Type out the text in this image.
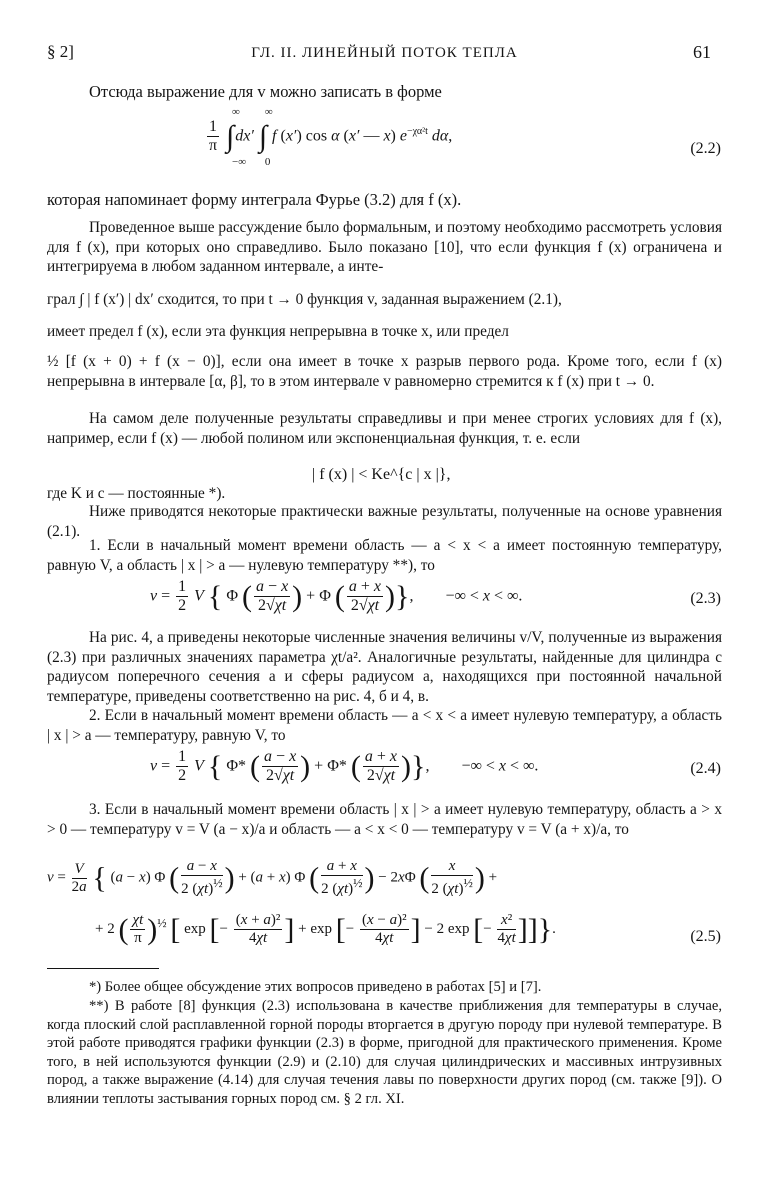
§ 2]	ГЛ. II. ЛИНЕЙНЫЙ ПОТОК ТЕПЛА	61
Отсюда выражение для v можно записать в форме
$\frac{1}{\pi}$ ∫
∞
−∞
dx′ ∫
∞
0
f (x′) cos α (x′ — x) $e^{-\chi\alpha^2t}$ dα,
(2.2)
которая напоминает форму интеграла Фурье (3.2) для f (x).
Проведенное выше рассуждение было формальным, и поэтому необходимо рассмотреть условия для f (x), при которых оно справедливо. Было показано [10], что если функция f (x) ограничена и интегрируема в любом заданном интервале, а инте-
грал ∫ | f (x′) | dx′ сходится, то при t → 0 функция v, заданная выражением (2.1),
имеет предел f (x), если эта функция непрерывна в точке x, или предел
½ [f (x + 0) + f (x − 0)], если она имеет в точке x разрыв первого рода. Кроме того, если f (x) непрерывна в интервале [α, β], то в этом интервале v равномерно стремится к f (x) при t → 0.
На самом деле полученные результаты справедливы и при менее строгих условиях для f (x), например, если f (x) — любой полином или экспоненциальная функция, т. е. если
| f (x) | < Ke^{c | x |},
где K и c — постоянные *).
Ниже приводятся некоторые практически важные результаты, полученные на основе уравнения (2.1).
1. Если в начальный момент времени область — a < x < a имеет постоянную температуру, равную V, а область | x | > a — нулевую температуру **), то
$v = \frac{1}{2}$ V { Φ ( $\frac{a - x}{2√\chi t}$ ) + Φ ( $\frac{a + x}{2√\chi t}$ )},        −∞ < x < ∞.	(2.3)
На рис. 4, a приведены некоторые численные значения величины v/V, полученные из выражения (2.3) при различных значениях параметра χt/a². Аналогичные результаты, найденные для цилиндра с радиусом поперечного сечения a и сферы радиусом a, находящихся при постоянной начальной температуре, приведены соответственно на рис. 4, б и 4, в.
2. Если в начальный момент времени область — a < x < a имеет нулевую температуру, а область | x | > a — температуру, равную V, то
$v = \frac{1}{2}$ V { Φ* ( $\frac{a - x}{2√\chi t}$ ) + Φ* ( $\frac{a + x}{2√\chi t}$ )},        −∞ < x < ∞.	(2.4)
3. Если в начальный момент времени область | x | > a имеет нулевую температуру, область a > x > 0 — температуру v = V (a − x)/a и область — a < x < 0 — температуру v = V (a + x)/a, то
$v = \frac{V}{2a}$ { (a − x) Φ ( $\frac{a - x}{2 (\chi t)^{\frac{1}{2}}}$ ) + (a + x) Φ ( $\frac{a + x}{2 (\chi t)^{\frac{1}{2}}}$ ) − 2xΦ ( $\frac{x}{2 (\chi t)^{\frac{1}{2}}}$ ) +
+ 2 ( $\frac{\chi t}{\pi} )^{\frac{1}{2}}$ [ exp [− $\frac{\text{(x + a)²}}{4\chi t}$ ] + exp [− $\frac{\text{(x − a)²}}{4\chi t}$ ] − 2 exp [− $\frac{\text{x²}}{4\chi t}$ ]]}.	(2.5)
*) Более общее обсуждение этих вопросов приведено в работах [5] и [7].
**) В работе [8] функция (2.3) использована в качестве приближения для температуры в случае, когда плоский слой расплавленной горной породы вторгается в другую породу при нулевой температуре. В этой работе приводятся графики функции (2.3) в форме, пригодной для практического применения. Кроме того, в ней используются функции (2.9) и (2.10) для случая цилиндрических и массивных интрузивных пород, а также выражение (4.14) для случая течения лавы по поверхности других пород (см. также [9]). О влиянии теплоты застывания горных пород см. § 2 гл. XI.
